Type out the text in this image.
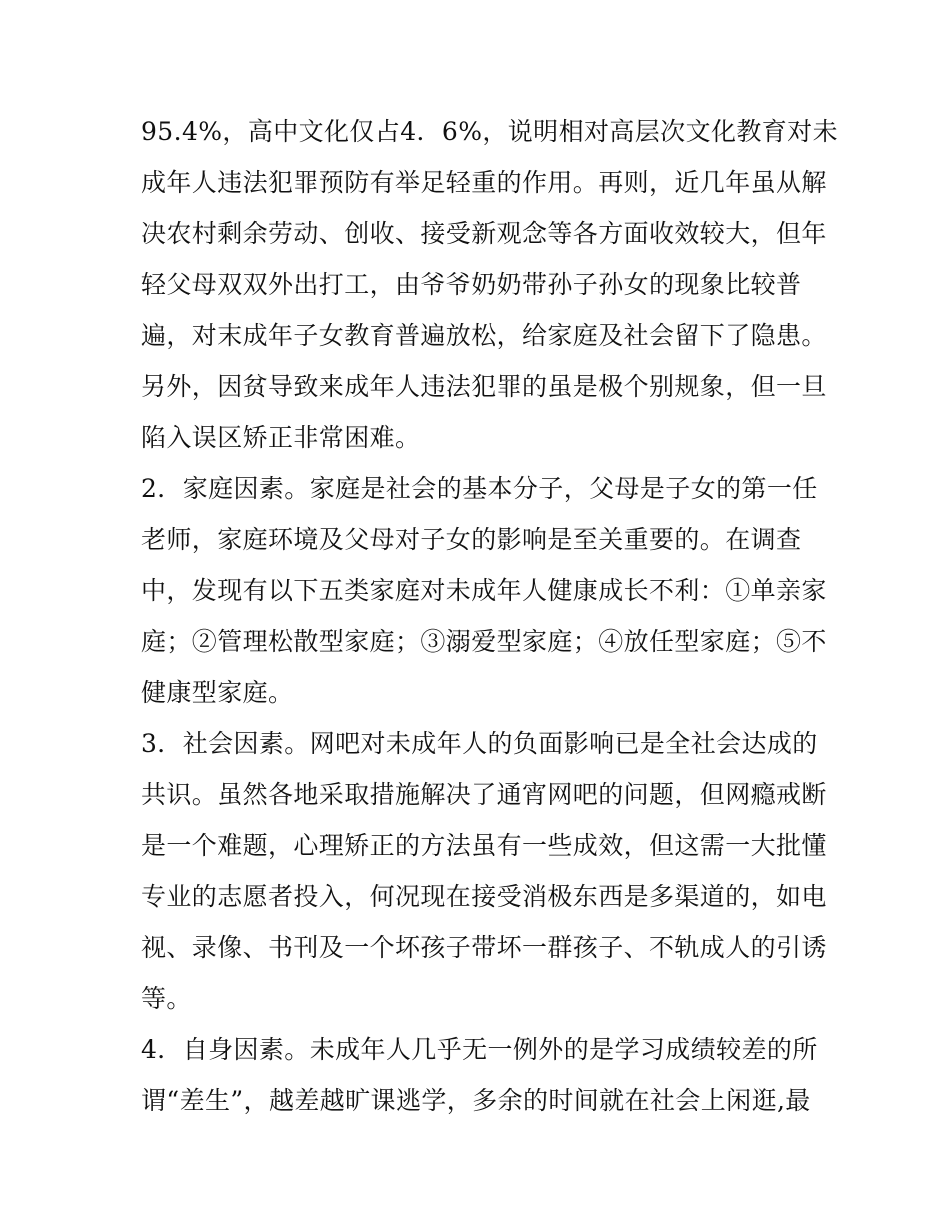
95.4%，高中文化仅占4．6%，说明相对高层次文化教育对未
成年人违法犯罪预防有举足轻重的作用。再则，近几年虽从解
决农村剩余劳动、创收、接受新观念等各方面收效较大，但年
轻父母双双外出打工，由爷爷奶奶带孙子孙女的现象比较普
遍，对末成年子女教育普遍放松，给家庭及社会留下了隐患。
另外，因贫导致来成年人违法犯罪的虽是极个别规象，但一旦
陷入误区矫正非常困难。
2．家庭因素。家庭是社会的基本分子，父母是子女的第一任
老师，家庭环境及父母对子女的影响是至关重要的。在调查
中，发现有以下五类家庭对未成年人健康成长不利：①单亲家
庭；②管理松散型家庭；③溺爱型家庭；④放任型家庭；⑤不
健康型家庭。
3．社会因素。网吧对未成年人的负面影响已是全社会达成的
共识。虽然各地采取措施解决了通宵网吧的问题，但网瘾戒断
是一个难题，心理矫正的方法虽有一些成效，但这需一大批懂
专业的志愿者投入，何况现在接受消极东西是多渠道的，如电
视、录像、书刊及一个坏孩子带坏一群孩子、不轨成人的引诱
等。
4．自身因素。未成年人几乎无一例外的是学习成绩较差的所
谓“差生”，越差越旷课逃学，多余的时间就在社会上闲逛,最
